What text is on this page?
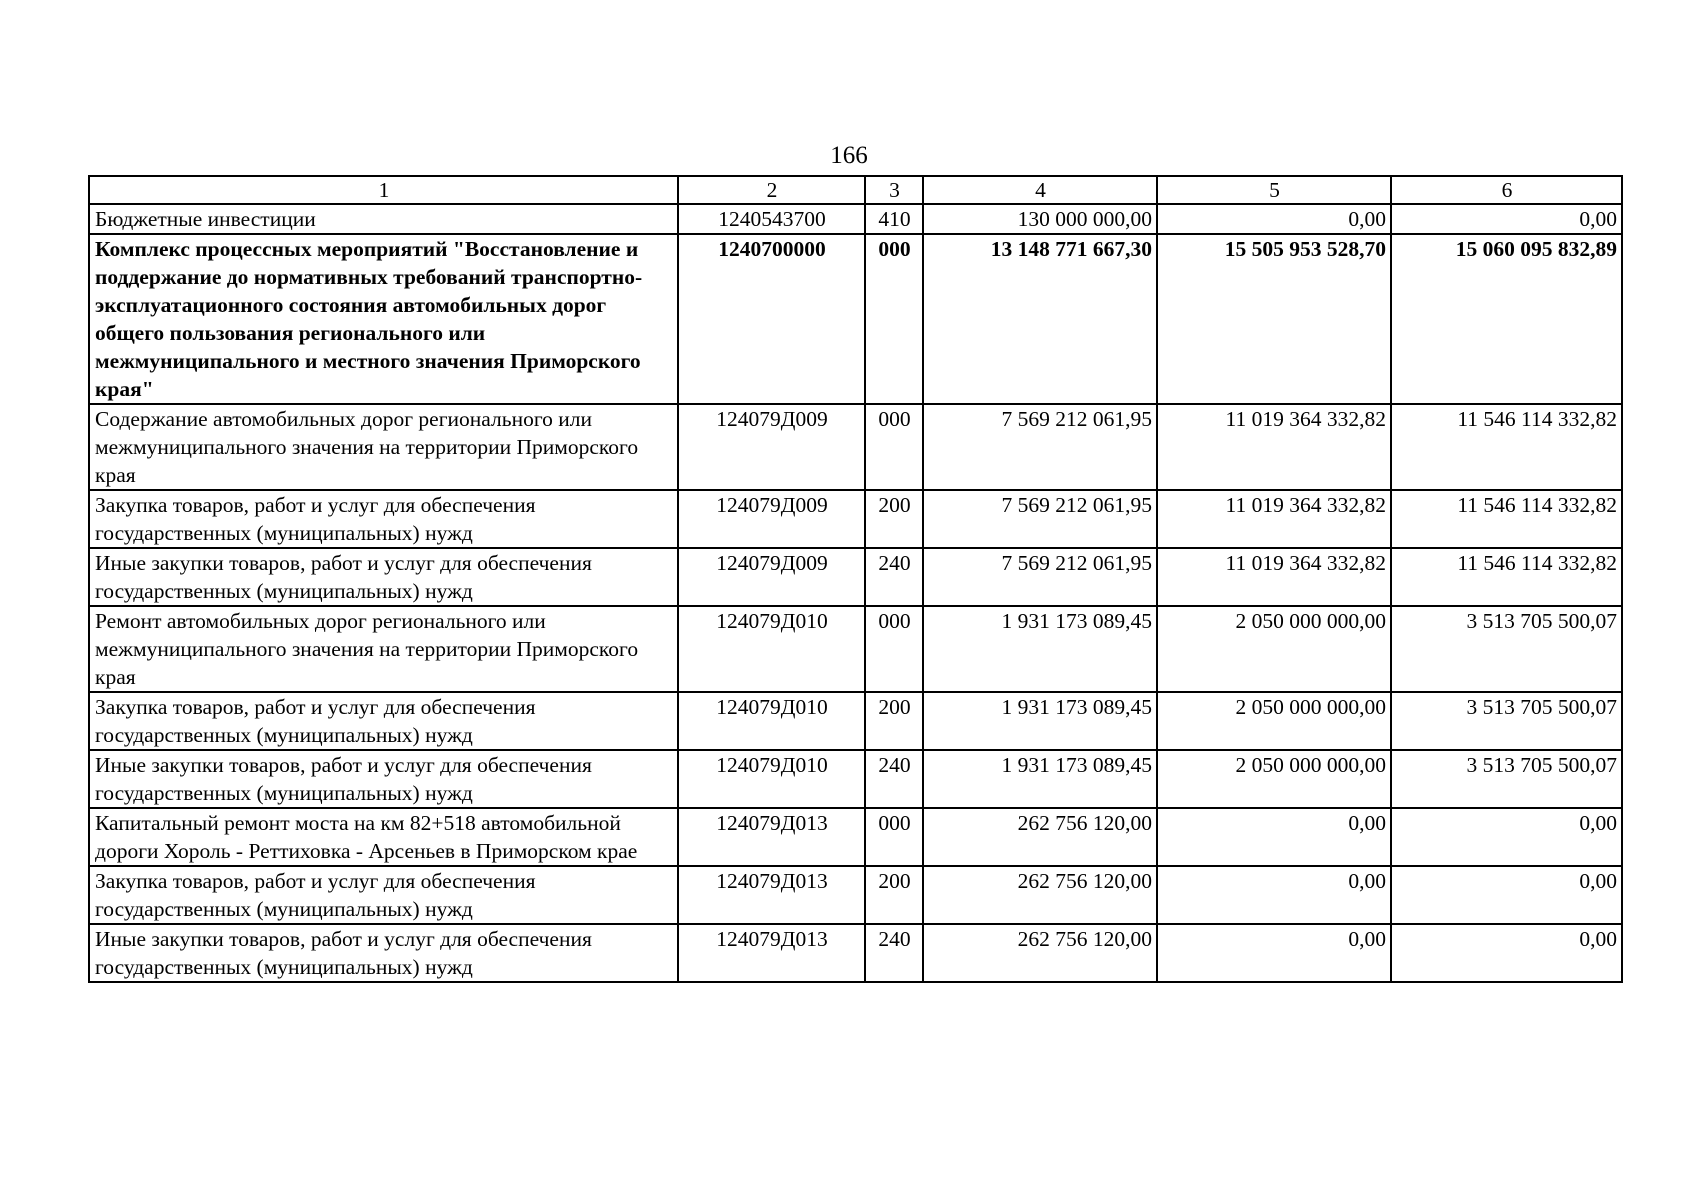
166
1	2	3	4	5	6
Бюджетные инвестиции	1240543700	410	130 000 000,00	0,00	0,00
Комплекс процессных мероприятий "Восстановление и поддержание до нормативных требований транспортно-эксплуатационного состояния автомобильных дорог общего пользования регионального или межмуниципального и местного значения Приморского края"	1240700000	000	13 148 771 667,30	15 505 953 528,70	15 060 095 832,89
Содержание автомобильных дорог регионального или межмуниципального значения на территории Приморского края	124079Д009	000	7 569 212 061,95	11 019 364 332,82	11 546 114 332,82
Закупка товаров, работ и услуг для обеспечения государственных (муниципальных) нужд	124079Д009	200	7 569 212 061,95	11 019 364 332,82	11 546 114 332,82
Иные закупки товаров, работ и услуг для обеспечения государственных (муниципальных) нужд	124079Д009	240	7 569 212 061,95	11 019 364 332,82	11 546 114 332,82
Ремонт автомобильных дорог регионального или межмуниципального значения на территории Приморского края	124079Д010	000	1 931 173 089,45	2 050 000 000,00	3 513 705 500,07
Закупка товаров, работ и услуг для обеспечения государственных (муниципальных) нужд	124079Д010	200	1 931 173 089,45	2 050 000 000,00	3 513 705 500,07
Иные закупки товаров, работ и услуг для обеспечения государственных (муниципальных) нужд	124079Д010	240	1 931 173 089,45	2 050 000 000,00	3 513 705 500,07
Капитальный ремонт моста на км 82+518 автомобильной дороги Хороль - Реттиховка - Арсеньев в Приморском крае	124079Д013	000	262 756 120,00	0,00	0,00
Закупка товаров, работ и услуг для обеспечения государственных (муниципальных) нужд	124079Д013	200	262 756 120,00	0,00	0,00
Иные закупки товаров, работ и услуг для обеспечения государственных (муниципальных) нужд	124079Д013	240	262 756 120,00	0,00	0,00
